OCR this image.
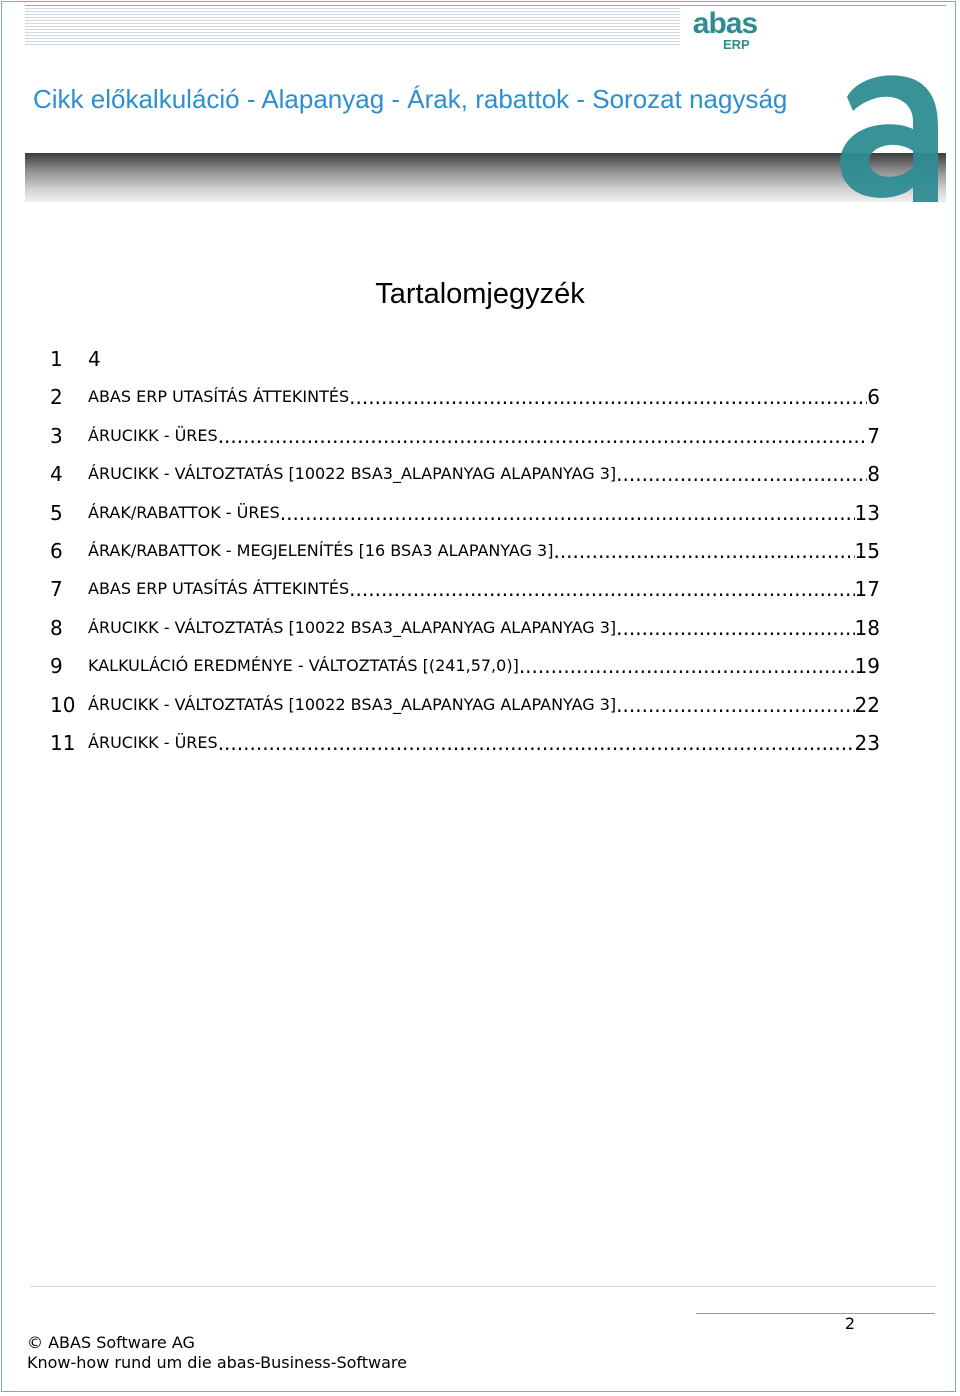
Cikk előkalkuláció - Alapanyag - Árak, rabattok - Sorozat nagyság
abas
ERP
Tartalomjegyzék
1 4
2 ABAS ERP UTASÍTÁS ÁTTEKINTÉS .....	6
3 ÁRUCIKK - ÜRES .....	7
4 ÁRUCIKK - VÁLTOZTATÁS [10022 BSA3_ALAPANYAG ALAPANYAG 3] .....	8
5 ÁRAK/RABATTOK - ÜRES .....	13
6 ÁRAK/RABATTOK - MEGJELENÍTÉS [16 BSA3 ALAPANYAG 3] .....	15
7 ABAS ERP UTASÍTÁS ÁTTEKINTÉS .....	17
8 ÁRUCIKK - VÁLTOZTATÁS [10022 BSA3_ALAPANYAG ALAPANYAG 3] .....	18
9 KALKULÁCIÓ EREDMÉNYE - VÁLTOZTATÁS [(241,57,0)] .....	19
10 ÁRUCIKK - VÁLTOZTATÁS [10022 BSA3_ALAPANYAG ALAPANYAG 3] .....	22
11 ÁRUCIKK - ÜRES .....	23
2
© ABAS Software AG
Know-how rund um die abas-Business-Software
